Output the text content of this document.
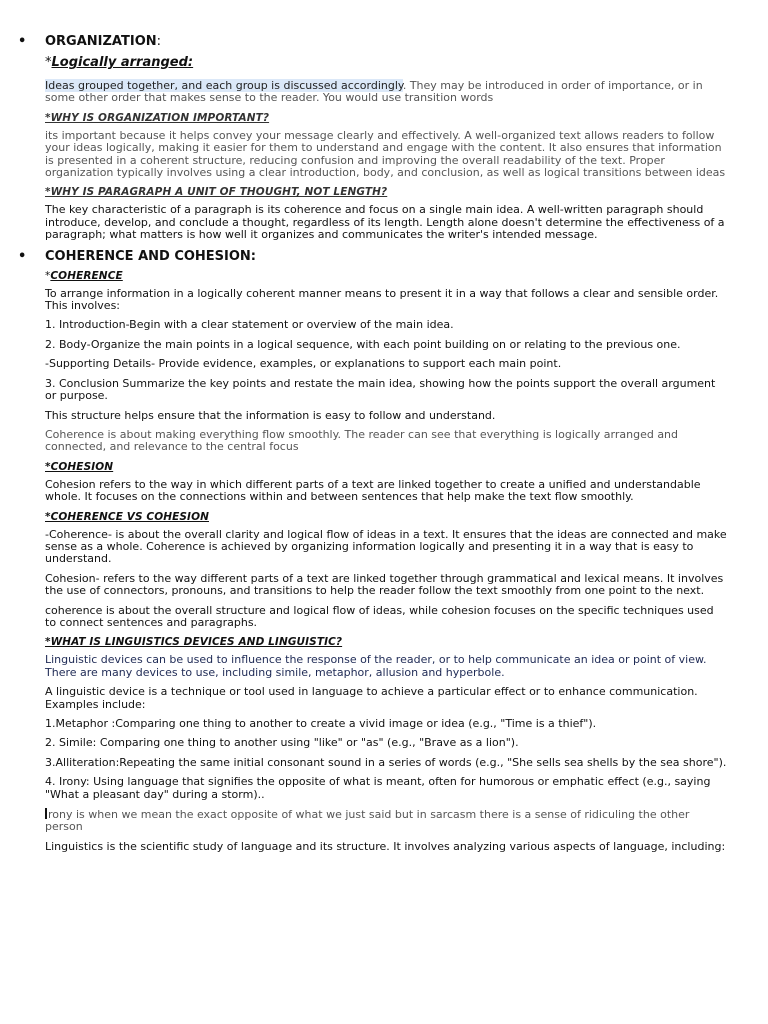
•	ORGANIZATION :
*Logically arranged:

Ideas grouped together, and each group is discussed accordingly. They may be introduced in order of importance, or in some other order that makes sense to the reader. You would use transition words

*WHY IS ORGANIZATION IMPORTANT?

its important because it helps convey your message clearly and effectively. A well-organized text allows readers to follow your ideas logically, making it easier for them to understand and engage with the content. It also ensures that information is presented in a coherent structure, reducing confusion and improving the overall readability of the text. Proper organization typically involves using a clear introduction, body, and conclusion, as well as logical transitions between ideas

*WHY IS PARAGRAPH A UNIT OF THOUGHT, NOT LENGTH?

The key characteristic of a paragraph is its coherence and focus on a single main idea. A well-written paragraph should introduce, develop, and conclude a thought, regardless of its length. Length alone doesn't determine the effectiveness of a paragraph; what matters is how well it organizes and communicates the writer's intended message.

•	COHERENCE AND COHESION:
*COHERENCE

To arrange information in a logically coherent manner means to present it in a way that follows a clear and sensible order. This involves:

1. Introduction-Begin with a clear statement or overview of the main idea.

2. Body-Organize the main points in a logical sequence, with each point building on or relating to the previous one.

-Supporting Details- Provide evidence, examples, or explanations to support each main point.

3. Conclusion Summarize the key points and restate the main idea, showing how the points support the overall argument or purpose.

This structure helps ensure that the information is easy to follow and understand.

Coherence is about making everything flow smoothly. The reader can see that everything is logically arranged and connected, and relevance to the central focus

*COHESION

Cohesion refers to the way in which different parts of a text are linked together to create a unified and understandable whole. It focuses on the connections within and between sentences that help make the text flow smoothly.

*COHERENCE VS COHESION

-Coherence- is about the overall clarity and logical flow of ideas in a text. It ensures that the ideas are connected and make sense as a whole. Coherence is achieved by organizing information logically and presenting it in a way that is easy to understand.

Cohesion- refers to the way different parts of a text are linked together through grammatical and lexical means. It involves the use of connectors, pronouns, and transitions to help the reader follow the text smoothly from one point to the next.

coherence is about the overall structure and logical flow of ideas, while cohesion focuses on the specific techniques used to connect sentences and paragraphs.

*WHAT IS LINGUISTICS DEVICES AND LINGUISTIC?

Linguistic devices can be used to influence the response of the reader, or to help communicate an idea or point of view. There are many devices to use, including simile, metaphor, allusion and hyperbole.

A linguistic device is a technique or tool used in language to achieve a particular effect or to enhance communication. Examples include:

1.Metaphor :Comparing one thing to another to create a vivid image or idea (e.g., "Time is a thief").

2. Simile: Comparing one thing to another using "like" or "as" (e.g., "Brave as a lion").

3.Alliteration:Repeating the same initial consonant sound in a series of words (e.g., "She sells sea shells by the sea shore").

4. Irony: Using language that signifies the opposite of what is meant, often for humorous or emphatic effect (e.g., saying "What a pleasant day" during a storm)..

rony is when we mean the exact opposite of what we just said but in sarcasm there is a sense of ridiculing the other person

Linguistics is the scientific study of language and its structure. It involves analyzing various aspects of language, including:
